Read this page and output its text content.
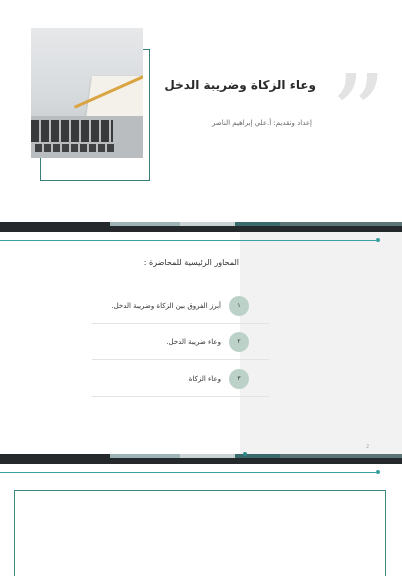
”
وعاء الزكاة وضريبة الدخل
إعداد وتقديم: أ.علي إبراهيم الناصر
المحاور الرئيسية للمحاضرة :
١
أبرز الفروق بين الزكاة وضريبة الدخل.
٢
وعاء ضريبة الدخل.
٣
وعاء الزكاة
2
